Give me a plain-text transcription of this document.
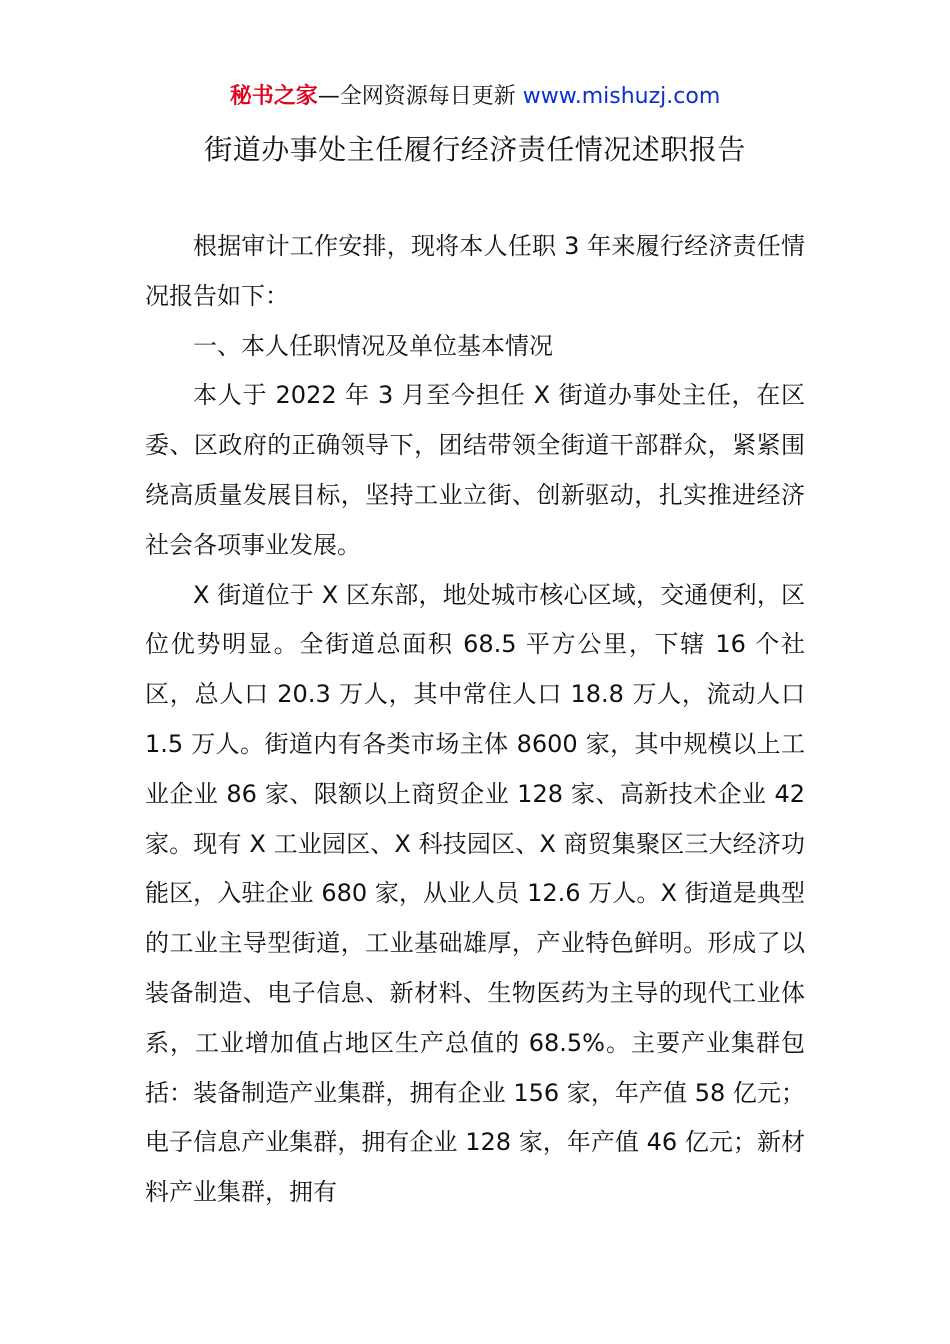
秘书之家—全网资源每日更新 www.mishuzj.com
街道办事处主任履行经济责任情况述职报告

根据审计工作安排，现将本人任职 3 年来履行经济责任情况报告如下：

一、本人任职情况及单位基本情况

本人于 2022 年 3 月至今担任 X 街道办事处主任，在区委、区政府的正确领导下，团结带领全街道干部群众，紧紧围绕高质量发展目标，坚持工业立街、创新驱动，扎实推进经济社会各项事业发展。

X 街道位于 X 区东部，地处城市核心区域，交通便利，区位优势明显。全街道总面积 68.5 平方公里，下辖 16 个社区，总人口 20.3 万人，其中常住人口 18.8 万人，流动人口 1.5 万人。街道内有各类市场主体 8600 家，其中规模以上工业企业 86 家、限额以上商贸企业 128 家、高新技术企业 42 家。现有 X 工业园区、X 科技园区、X 商贸集聚区三大经济功能区，入驻企业 680 家，从业人员 12.6 万人。X 街道是典型的工业主导型街道，工业基础雄厚，产业特色鲜明。形成了以装备制造、电子信息、新材料、生物医药为主导的现代工业体系，工业增加值占地区生产总值的 68.5%。主要产业集群包括：装备制造产业集群，拥有企业 156 家，年产值 58 亿元；电子信息产业集群，拥有企业 128 家，年产值 46 亿元；新材料产业集群，拥有
